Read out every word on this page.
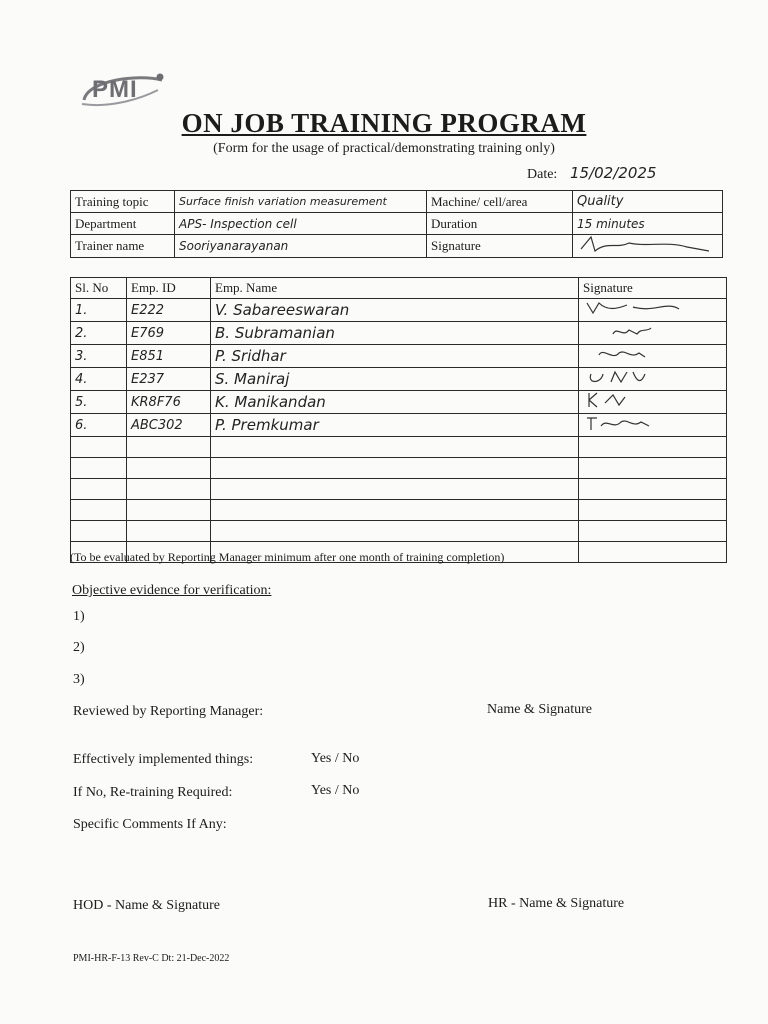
PMI
ON JOB TRAINING PROGRAM
(Form for the usage of practical/demonstrating training only)
Date: 15/02/2025
Training topic	Surface finish variation measurement	Machine/ cell/area	Quality
Department	APS- Inspection cell	Duration	15 minutes
Trainer name	Sooriyanarayanan	Signature	
Sl. No	Emp. ID	Emp. Name	Signature
1.	E222	V. Sabareeswaran	
2.	E769	B. Subramanian	
3.	E851	P. Sridhar	
4.	E237	S. Maniraj	
5.	KR8F76	K. Manikandan	
6.	ABC302	P. Premkumar	

(To be evaluated by Reporting Manager minimum after one month of training completion)
Objective evidence for verification:
1)
2)
3)
Reviewed by Reporting Manager:	Name & Signature
Effectively implemented things:	Yes / No
If No, Re-training Required:	Yes / No
Specific Comments If Any:
HOD - Name & Signature	HR - Name & Signature
PMI-HR-F-13 Rev-C Dt: 21-Dec-2022
